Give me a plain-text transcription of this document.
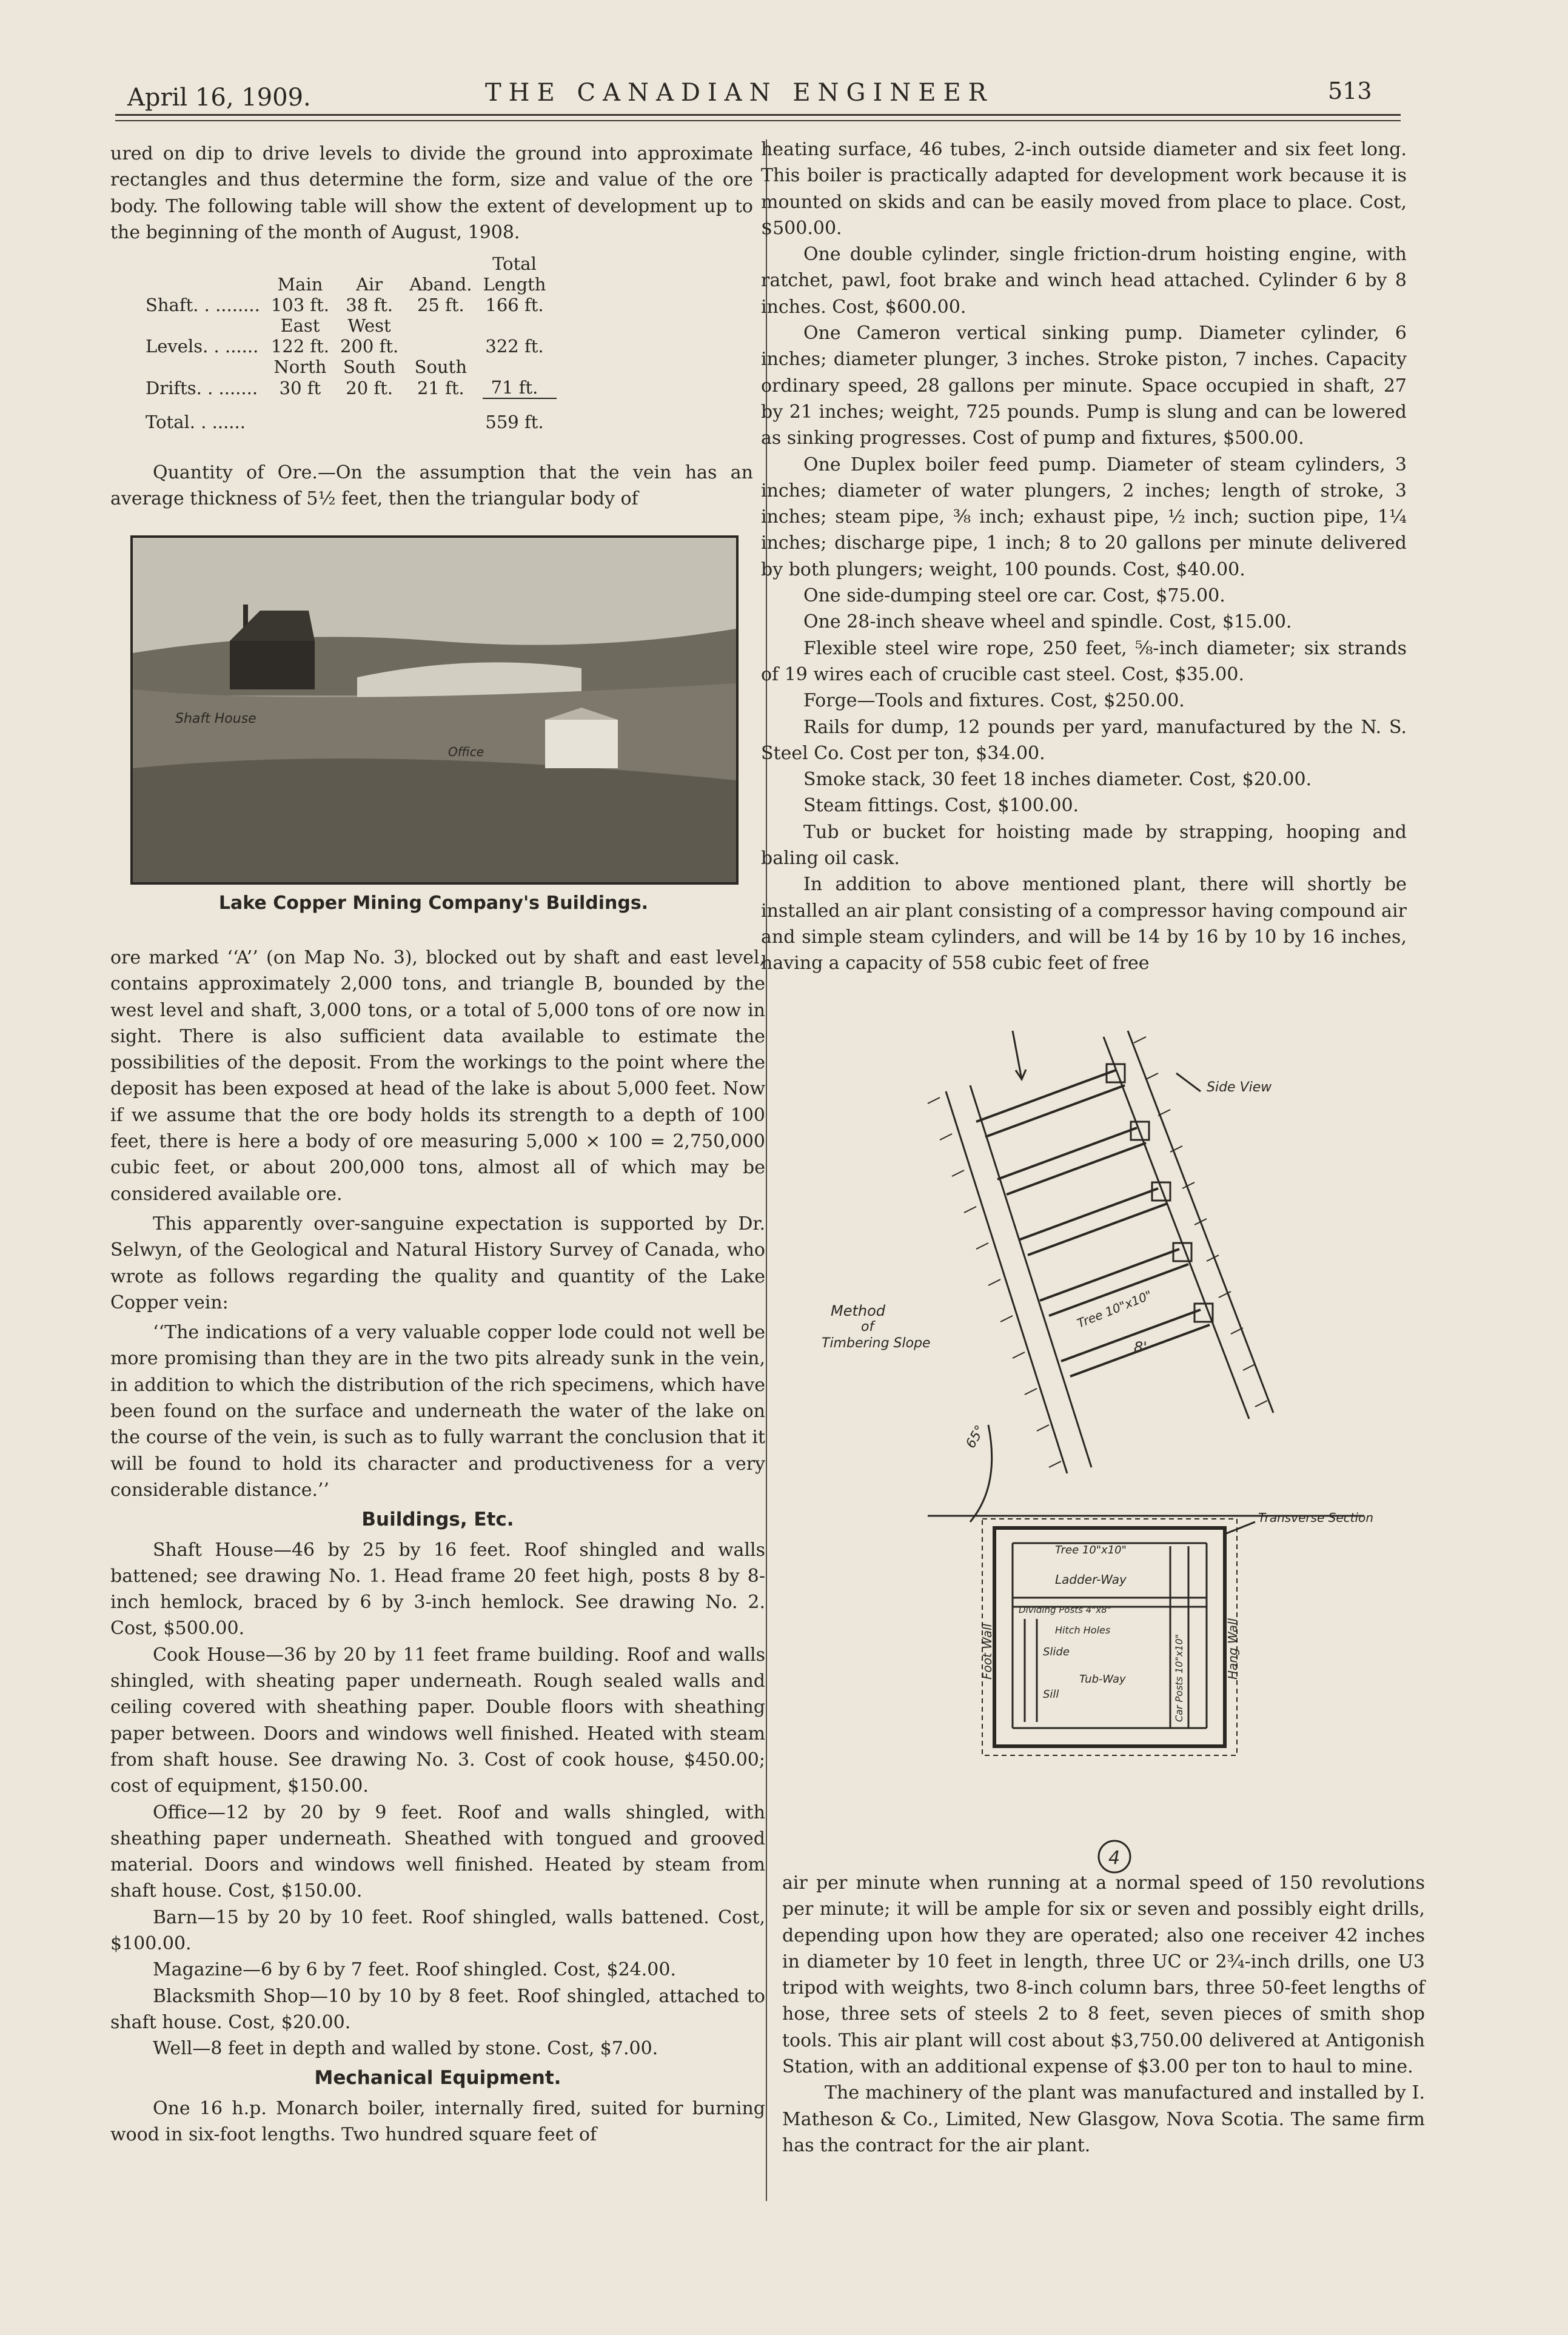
April 16, 1909.	THE CANADIAN ENGINEER	513

ured on dip to drive levels to divide the ground into approximate rectangles and thus determine the form, size and value of the ore body. The following table will show the extent of development up to the beginning of the month of August, 1908.

				Total
	Main	Air	Aband.	Length
Shaft. . ........	103 ft.	38 ft.	25 ft.	166 ft.
	East	West		
Levels. . ......	122 ft.	200 ft.		322 ft.
	North	South	South	
Drifts. . .......	30 ft	20 ft.	21 ft.	71 ft.
Total. . ......				559 ft.

Quantity of Ore.—On the assumption that the vein has an average thickness of 5½ feet, then the triangular body of

Shaft House
Office
Lake Copper Mining Company's Buildings.

ore marked ‘‘A’’ (on Map No. 3), blocked out by shaft and east level, contains approximately 2,000 tons, and triangle B, bounded by the west level and shaft, 3,000 tons, or a total of 5,000 tons of ore now in sight. There is also sufficient data available to estimate the possibilities of the deposit. From the workings to the point where the deposit has been exposed at head of the lake is about 5,000 feet. Now if we assume that the ore body holds its strength to a depth of 100 feet, there is here a body of ore measuring 5,000 × 100 = 2,750,000 cubic feet, or about 200,000 tons, almost all of which may be considered available ore.

This apparently over-sanguine expectation is supported by Dr. Selwyn, of the Geological and Natural History Survey of Canada, who wrote as follows regarding the quality and quantity of the Lake Copper vein:

‘‘The indications of a very valuable copper lode could not well be more promising than they are in the two pits already sunk in the vein, in addition to which the distribution of the rich specimens, which have been found on the surface and underneath the water of the lake on the course of the vein, is such as to fully warrant the conclusion that it will be found to hold its character and productiveness for a very considerable distance.’’

Buildings, Etc.

Shaft House—46 by 25 by 16 feet. Roof shingled and walls battened; see drawing No. 1. Head frame 20 feet high, posts 8 by 8-inch hemlock, braced by 6 by 3-inch hemlock. See drawing No. 2. Cost, $500.00.

Cook House—36 by 20 by 11 feet frame building. Roof and walls shingled, with sheating paper underneath. Rough sealed walls and ceiling covered with sheathing paper. Double floors with sheathing paper between. Doors and windows well finished. Heated with steam from shaft house. See drawing No. 3. Cost of cook house, $450.00; cost of equipment, $150.00.

Office—12 by 20 by 9 feet. Roof and walls shingled, with sheathing paper underneath. Sheathed with tongued and grooved material. Doors and windows well finished. Heated by steam from shaft house. Cost, $150.00.

Barn—15 by 20 by 10 feet. Roof shingled, walls battened. Cost, $100.00.

Magazine—6 by 6 by 7 feet. Roof shingled. Cost, $24.00.

Blacksmith Shop—10 by 10 by 8 feet. Roof shingled, attached to shaft house. Cost, $20.00.

Well—8 feet in depth and walled by stone. Cost, $7.00.

Mechanical Equipment.

One 16 h.p. Monarch boiler, internally fired, suited for burning wood in six-foot lengths. Two hundred square feet of

heating surface, 46 tubes, 2-inch outside diameter and six feet long. This boiler is practically adapted for development work because it is mounted on skids and can be easily moved from place to place. Cost, $500.00.

One double cylinder, single friction-drum hoisting engine, with ratchet, pawl, foot brake and winch head attached. Cylinder 6 by 8 inches. Cost, $600.00.

One Cameron vertical sinking pump. Diameter cylinder, 6 inches; diameter plunger, 3 inches. Stroke piston, 7 inches. Capacity ordinary speed, 28 gallons per minute. Space occupied in shaft, 27 by 21 inches; weight, 725 pounds. Pump is slung and can be lowered as sinking progresses. Cost of pump and fixtures, $500.00.

One Duplex boiler feed pump. Diameter of steam cylinders, 3 inches; diameter of water plungers, 2 inches; length of stroke, 3 inches; steam pipe, ⅜ inch; exhaust pipe, ½ inch; suction pipe, 1¼ inches; discharge pipe, 1 inch; 8 to 20 gallons per minute delivered by both plungers; weight, 100 pounds. Cost, $40.00.

One side-dumping steel ore car. Cost, $75.00.

One 28-inch sheave wheel and spindle. Cost, $15.00.

Flexible steel wire rope, 250 feet, ⅝-inch diameter; six strands of 19 wires each of crucible cast steel. Cost, $35.00.

Forge—Tools and fixtures. Cost, $250.00.

Rails for dump, 12 pounds per yard, manufactured by the N. S. Steel Co. Cost per ton, $34.00.

Smoke stack, 30 feet 18 inches diameter. Cost, $20.00.

Steam fittings. Cost, $100.00.

Tub or bucket for hoisting made by strapping, hooping and baling oil cask.

In addition to above mentioned plant, there will shortly be installed an air plant consisting of a compressor having compound air and simple steam cylinders, and will be 14 by 16 by 10 by 16 inches, having a capacity of 558 cubic feet of free

Side View
Transverse Section
Method
of
Timbering Slope
Tree 10"x10"
8'
65°
Tree 10"x10"
Ladder-Way
Dividing Posts 4"x8"
Hitch Holes
Slide
Tub-Way
Sill
Foot Wall	Hang Wall
Car Posts 10"x10"
4

air per minute when running at a normal speed of 150 revolutions per minute; it will be ample for six or seven and possibly eight drills, depending upon how they are operated; also one receiver 42 inches in diameter by 10 feet in length, three UC or 2¾-inch drills, one U3 tripod with weights, two 8-inch column bars, three 50-feet lengths of hose, three sets of steels 2 to 8 feet, seven pieces of smith shop tools. This air plant will cost about $3,750.00 delivered at Antigonish Station, with an additional expense of $3.00 per ton to haul to mine.

The machinery of the plant was manufactured and installed by I. Matheson & Co., Limited, New Glasgow, Nova Scotia. The same firm has the contract for the air plant.
